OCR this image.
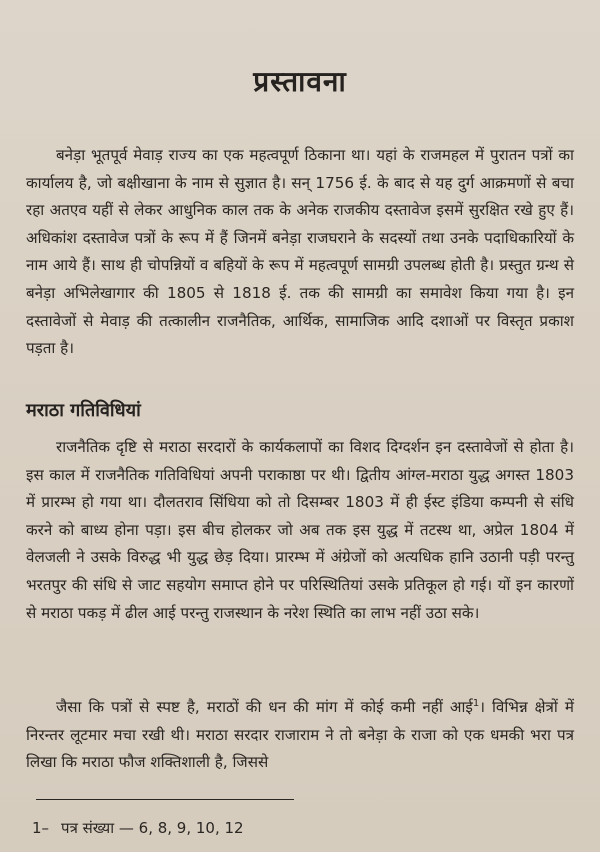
प्रस्तावना

बनेड़ा भूतपूर्व मेवाड़ राज्य का एक महत्वपूर्ण ठिकाना था। यहां के राजमहल में पुरातन पत्रों का कार्यालय है, जो बक्षीखाना के नाम से सुज्ञात है। सन् 1756 ई. के बाद से यह दुर्ग आक्रमणों से बचा रहा अतएव यहीं से लेकर आधुनिक काल तक के अनेक राजकीय दस्तावेज इसमें सुरक्षित रखे हुए हैं। अधिकांश दस्तावेज पत्रों के रूप में हैं जिनमें बनेड़ा राजघराने के सदस्यों तथा उनके पदाधिकारियों के नाम आये हैं। साथ ही चोपन्नियों व बहियों के रूप में महत्वपूर्ण सामग्री उपलब्ध होती है। प्रस्तुत ग्रन्थ से बनेड़ा अभिलेखागार की 1805 से 1818 ई. तक की सामग्री का समावेश किया गया है। इन दस्तावेजों से मेवाड़ की तत्कालीन राजनैतिक, आर्थिक, सामाजिक आदि दशाओं पर विस्तृत प्रकाश पड़ता है।

मराठा गतिविधियां

राजनैतिक दृष्टि से मराठा सरदारों के कार्यकलापों का विशद दिग्दर्शन इन दस्तावेजों से होता है। इस काल में राजनैतिक गतिविधियां अपनी पराकाष्ठा पर थी। द्वितीय आंग्ल-मराठा युद्ध अगस्त 1803 में प्रारम्भ हो गया था। दौलतराव सिंधिया को तो दिसम्बर 1803 में ही ईस्ट इंडिया कम्पनी से संधि करने को बाध्य होना पड़ा। इस बीच होलकर जो अब तक इस युद्ध में तटस्थ था, अप्रेल 1804 में वेलजली ने उसके विरुद्ध भी युद्ध छेड़ दिया। प्रारम्भ में अंग्रेजों को अत्यधिक हानि उठानी पड़ी परन्तु भरतपुर की संधि से जाट सहयोग समाप्त होने पर परिस्थितियां उसके प्रतिकूल हो गई। यों इन कारणों से मराठा पकड़ में ढील आई परन्तु राजस्थान के नरेश स्थिति का लाभ नहीं उठा सके।

जैसा कि पत्रों से स्पष्ट है, मराठों की धन की मांग में कोई कमी नहीं आई$^1$। विभिन्न क्षेत्रों में निरन्तर लूटमार मचा रखी थी। मराठा सरदार राजाराम ने तो बनेड़ा के राजा को एक धमकी भरा पत्र लिखा कि मराठा फौज शक्तिशाली है, जिससे

1– पत्र संख्या — 6, 8, 9, 10, 12
